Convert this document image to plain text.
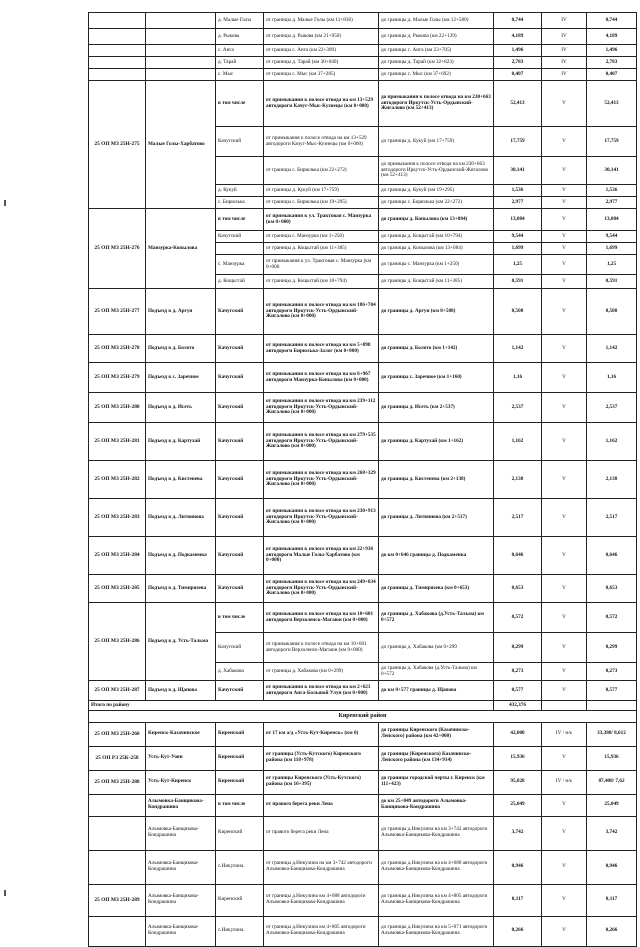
		д. Малые Голы	от границы д. Малые Голы (км 11+836)	до границы д. Малые Голы (км 12+580)	0,744	IV	0,744
		д. Рыкова	от границы д. Рыкова (км 21+950)	до границы д. Рыкова (км 22+139)	4,189	IV	4,189
		с. Анга	от границы с. Анга (км 22+309)	до границы с. Анга (км 23+705)	1,496	IV	1,496
		д. Тарай	от границы д. Тарай (км 30+040)	до границы д. Тарай (км 32+823)	2,783	IV	2,783
		с. Мыс	от границы с. Мыс (км 37+285)	до границы с. Мыс (км 37+692)	0,407	IV	0,407
25 ОП МЗ 25Н-275	Малые Голы-Харбатово	в том числе	от примыкания к полосе отвода на км 13+529 автодороги Качуг-Мыс-Кузнецы (км 0+000)	до примыкания к полосе отвода на км 230+663 автодороги Иркутск-Усть-Ордынский-Жигалово (км 52+413)	52,413	V	52,413
		Качугский	от примыкания к полосе отвода на км 13+529 автодороги Качуг-Мыс-Кузнецы (км 0+000)	до границы д. Кукуй (км 17+759)	17,759	V	17,759
			от границы с. Бирюлька (км 22+272)	до примыкания к полосе отвода на км 230+663 автодороги Иркутск-Усть-Ордынский-Жигалово (км 52+413)	30,141	V	30,141
		д. Кукуй	от границы д. Кукуй (км 17+759)	до границы д. Кукуй (км 19+295)	1,536	V	1,536
		с. Бирюлька	от границы с. Бирюлька (км 19+295)	до границы с. Бирюлька (км 22+272)	2,977	V	2,977
25 ОП МЗ 25Н-276	Манзурка-Копылова	в том числе	от примыкания к ул. Трактовая с. Манзурка (км 0+000)	до границы д. Копылова (км 13+084)	13,084	V	13,084
		Качугский	от границы с. Манзурка (км 1+250)	до границы д. Кощьггай (км 10+794)	9,544	V	9,544
			от границы д. Кощьггай (км 11+385)	до границы д. Копылова (км 13+084)	1,699	V	1,699
		с. Манзурка	от примыкания к ул. Трактовая с. Манзурка (км 0+000	до границы с. Манзурка (км 1+250)	1,25	V	1,25
		д. Кощьггай	от границы д. Кощьггай (км 10+794)	до границы д. Кощьггай (км 11+385)	0,591	V	0,591
25 ОП МЗ 25Н-277	Подъезд к д. Аргун	Качугский	от примыкания к полосе отвода на км 186+704 автодороги Иркутск-Усть-Ордынский-Жигалово (км 0+000)	до границы д. Аргун (км 8+508)	8,508	V	8,508
25 ОП МЗ 25Н-278	Подъезд к д. Болото	Качугский	от примыкания к полосе отвода на км 5+098 автодороги Бирюлька-Залог (км 0+000)	до границы д. Болото (км 1+142)	1,142	V	1,142
25 ОП МЗ 25Н-279	Подъезд к с. Заречное	Качугский	от примыкания к полосе отвода на км 6+967 автодороги Манзурка-Копылова (км 0+000)	до границы с. Заречное (км 1+160)	1,16	V	1,16
25 ОП МЗ 25Н-280	Подъезд к д. Исеть	Качугский	от примыкания к полосе отвода на км 239+112 автодороги Иркутск-Усть-Ордынский-Жигалово (км 0+000)	до границы д. Исеть (км 2+537)	2,537	V	2,537
25 ОП МЗ 25Н-281	Подъезд к д. Картухай	Качугский	от примыкания к полосе отвода на км 279+535 автодороги Иркутск-Усть-Ордынский-Жигалово (км 0+000)	до границы д. Картухай (км 1+162)	1,162	V	1,162
25 ОП МЗ 25Н-282	Подъезд к д. Кистенева	Качугский	от примыкания к полосе отвода на км 268+329 автодороги Иркутск-Усть-Ордынский-Жигалово (км 0+000)	до границы д. Кистенева (км 2+138)	2,138	V	2,138
25 ОП МЗ 25Н-283	Подъезд к д. Литвинова	Качугский	от примыкания к полосе отвода на км 230+913 автодороги Иркутск-Усть-Ордынский-Жигалово (км 0+000)	до границы д. Литвинова (км 2+517)	2,517	V	2,517
25 ОП МЗ 25Н-284	Подъезд к д. Подкаменка	Качугский	от примыкания к полосе отвода на км 22+936 автодороги Малые Голы-Харбатово (км 0+000)	до км 0+646 границы д. Подкаменка	0,646	V	0,646
25 ОП МЗ 25Н-285	Подъезд к д. Тимирязева	Качугский	от примыкания к полосе отвода на км 249+034 автодороги Иркутск-Усть-Ордынский-Жигалово (км 0+000)	до границы д. Тимирязева (км 0+653)	0,653	V	0,653
25 ОП МЗ 25Н-286	Подъезд к д. Усть-Тальма	в том числе	от примыкания к полосе отвода на км 10+601 автодороги Верхоленск-Магаюн (км 0+000)	до границы д. Хабакова (д.Усть-Тальма) км 0+572	0,572	V	0,572
		Качугский	от примыкания к полосе отвода на км 10+601 автодороги Верхоленск-Магаюн (км 0+000)	до границы д. Хабакова (км 0+299	0,299	V	0,299
		д. Хабакова	от границы д. Хабакова (км 0+299)	до границы д. Хабакова (д.Усть-Тальма) км 0+572	0,273	V	0,273
25 ОП МЗ 25Н-287	Подъезд к д. Щапова	Качугский	от примыкания к полосе отвода на км 2+621 автодороги Анга-Большой Улун (км 0+000)	до км 0+577 границы д. Щапова	0,577	V	0,577
Итого по району					432,376		
Киренский район							
25 ОП МЗ 25Н-260	Киренск-Казачинское	Киренский	от 17 км а/д «Усть-Кут-Киренск» (км 0)	до границы Киренского (Казачинско-Ленского) района (км 42+000)	42,000	IV / н/к	33,388/ 8,612
25 ОП РЗ 25К-258	Усть-Кут-Уоян	Киренский	от границы (Усть-Кутского) Киренского района (км 118+978)	до границы (Киренского) Казачинско-Ленского района (км 134+914)	15,936	V	15,936
25 ОП МЗ 25Н-288	Усть-Кут-Киренск	Киренский	от границы Киренского (Усть-Кутского) района (км 16+395)	до границы городской черты г. Киренск (км 111+423)	95,028	IV / н/к	87,408/ 7,62
	Алымовка-Банщикова-Кондрашина	в том числе	от правого берега реки Лена	до км 25+049 автодороги Алымовка-Банщикова-Кондрашина	25,049	V	25,049
	Алымовка-Банщикова-Кондрашина	Киренский	от правого берега реки Лена	до границы д.Никулина на км 3+742 автодороги Алымовка-Банщикова-Кондрашина	3,742	V	3,742
	Алымовка-Банщикова-Кондрашина	с.Никулина	от границы д.Никулина на км 3+742 автодороги Алымовка-Банщикова-Кондрашина	до границы д.Никулина на км 4+688 автодороги Алымовка-Банщикова-Кондрашина	0,946	V	0,946
25 ОП МЗ 25Н-289	Алымовка-Банщикова-Кондрашина	Киренский	от границы д.Никулина км 4+688 автодороги Алымовка-Банщикова-Кондрашина	до границы д.Никулина на км 4+805 автодороги Алымовка-Банщикова-Кондрашина	0,117	V	0,117
	Алымовка-Банщикова-Кондрашина	с.Никулина	от границы д.Никулина км 4+805 автодороги Алымовка-Банщикова-Кондрашина	до границы д.Никулина на км 5+071 автодороги Алымовка-Банщикова-Кондрашина	0,266	V	0,266
